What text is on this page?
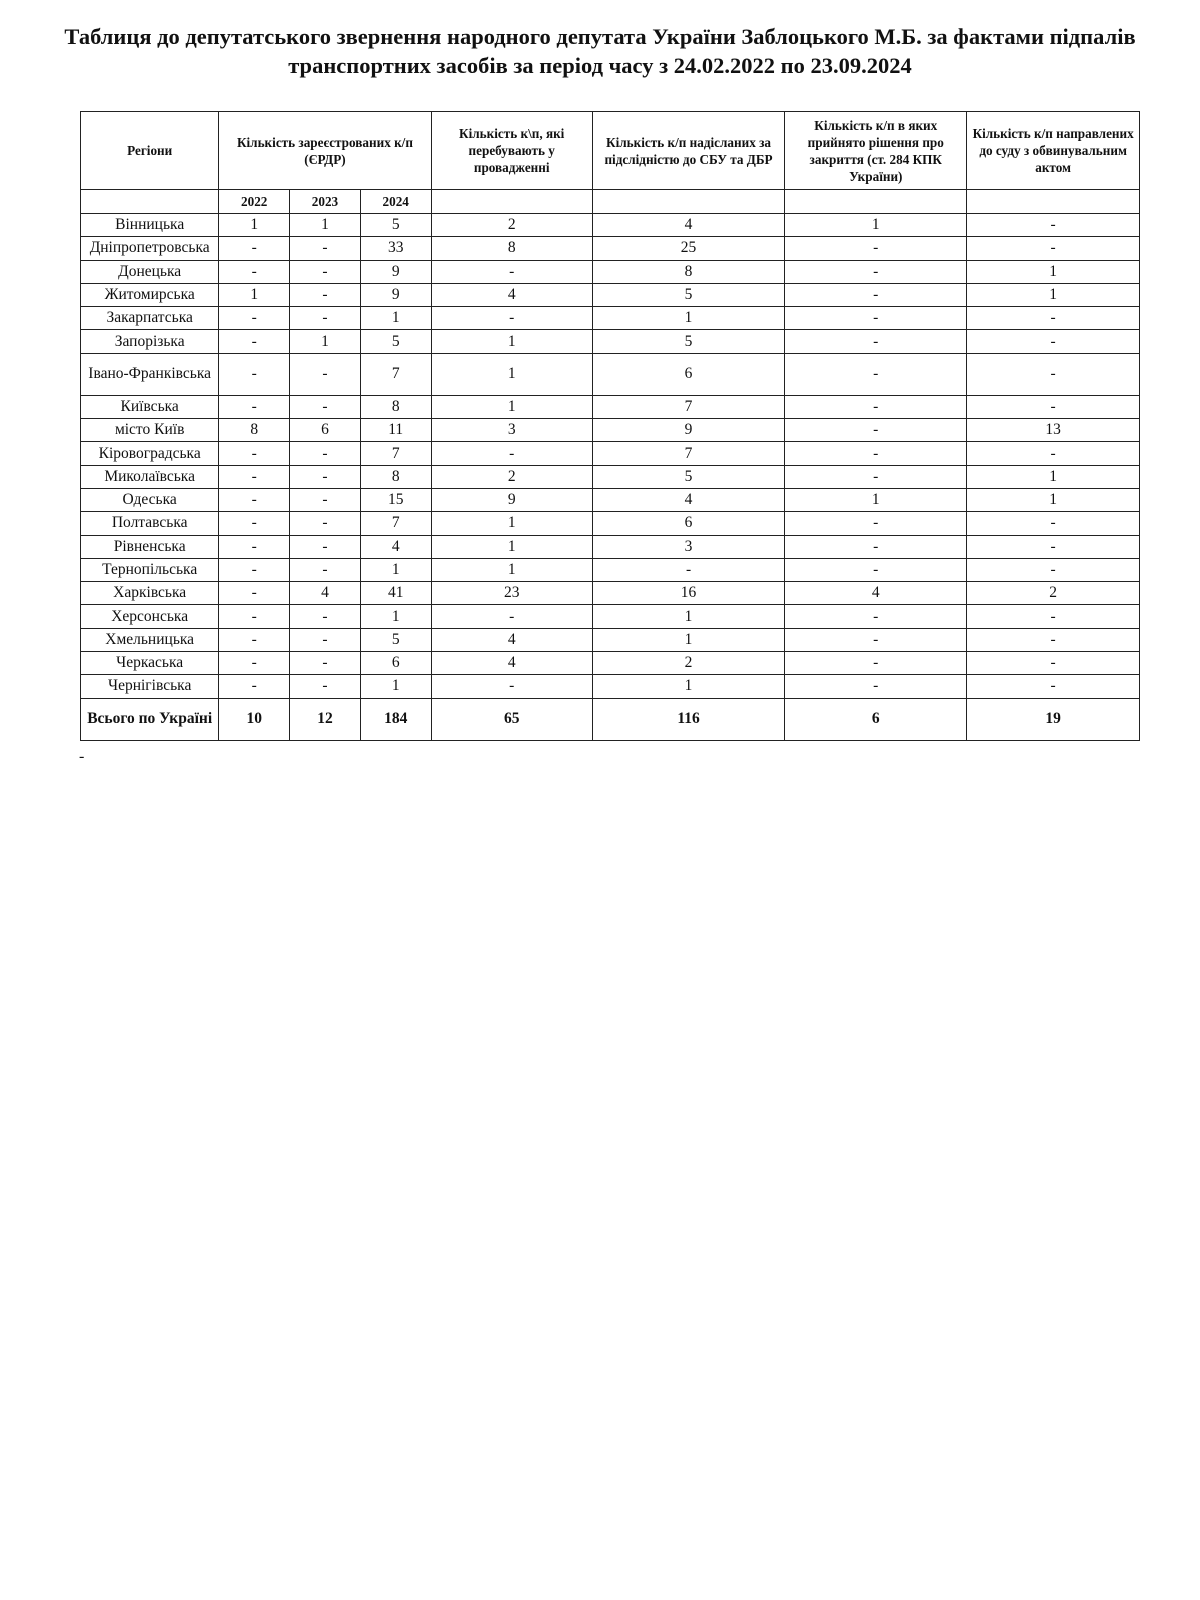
Таблиця до депутатського звернення народного депутата України Заблоцького М.Б. за фактами підпалів транспортних засобів за період часу з 24.02.2022 по 23.09.2024
Регіони	Кількість зареєстрованих к/п (ЄРДР)			Кількість к\п, які перебувають у провадженні	Кількість к/п надісланих за підслідністю до СБУ та ДБР	Кількість к/п в яких прийнято рішення про закриття (ст. 284 КПК України)	Кількість к/п направлених до суду з обвинувальним актом
	2022	2023	2024				
Вінницька	1	1	5	2	4	1	-
Дніпропетровська	-	-	33	8	25	-	-
Донецька	-	-	9	-	8	-	1
Житомирська	1	-	9	4	5	-	1
Закарпатська	-	-	1	-	1	-	-
Запорізька	-	1	5	1	5	-	-
Івано-Франківська	-	-	7	1	6	-	-
Київська	-	-	8	1	7	-	-
місто Київ	8	6	11	3	9	-	13
Кіровоградська	-	-	7	-	7	-	-
Миколаївська	-	-	8	2	5	-	1
Одеська	-	-	15	9	4	1	1
Полтавська	-	-	7	1	6	-	-
Рівненська	-	-	4	1	3	-	-
Тернопільська	-	-	1	1	-	-	-
Харківська	-	4	41	23	16	4	2
Херсонська	-	-	1	-	1	-	-
Хмельницька	-	-	5	4	1	-	-
Черкаська	-	-	6	4	2	-	-
Чернігівська	-	-	1	-	1	-	-
Всього по Україні	10	12	184	65	116	6	19
-
